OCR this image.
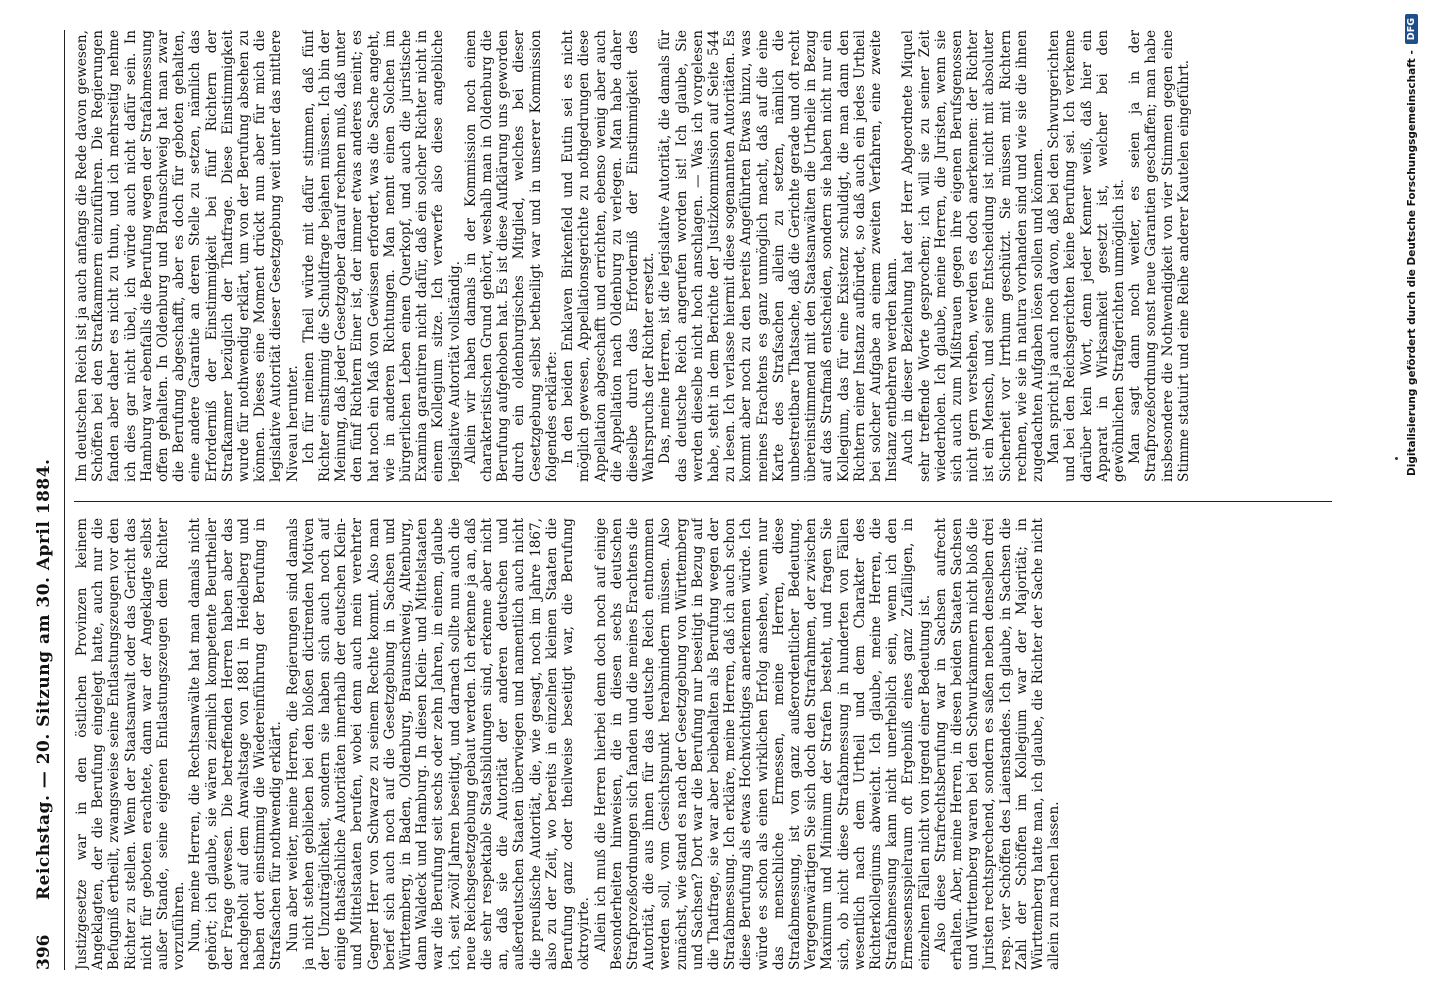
396
Reichstag. — 20. Sitzung am 30. April 1884. Justizgesetze war in den östlichen Provinzen keinem Angeklagten, der die Berufung eingelegt hatte, auch nur die Befugniß ertheilt, zwangsweise seine Entlastungszeugen vor den Richter zu stellen. Wenn der Staatsanwalt oder das Gericht das nicht für geboten erachtete, dann war der Angeklagte selbst außer Stande, seine eigenen Entlastungszeugen dem Richter vorzuführen. Nun, meine Herren, die Rechtsanwälte hat man damals nicht gehört; ich glaube, sie wären ziemlich kompetente Beurtheiler der Frage gewesen. Die betreffenden Herren haben aber das nachgeholt auf dem Anwaltstage von 1881 in Heidelberg und haben dort einstimmig die Wiedereinführung der Berufung in Strafsachen für nothwendig erklärt. Nun aber weiter, meine Herren, die Regierungen sind damals ja nicht stehen geblieben bei den bloßen dictirenden Motiven der Unzuträglichkeit, sondern sie haben sich auch noch auf einige thatsächliche Autoritäten innerhalb der deutschen Klein- und Mittelstaaten berufen, wobei denn auch mein verehrter Gegner Herr von Schwarze zu seinem Rechte kommt. Also man berief sich auch noch auf die Gesetzgebung in Sachsen und Württemberg, in Baden, Oldenburg, Braunschweig, Altenburg, dann Waldeck und Hamburg. In diesen Klein- und Mittelstaaten war die Berufung seit sechs oder zehn Jahren, in einem, glaube ich, seit zwölf Jahren beseitigt, und darnach sollte nun auch die neue Reichsgesetzgebung gebaut werden. Ich erkenne ja an, daß die sehr respektable Staatsbildungen sind, erkenne aber nicht an, daß sie die Autorität der anderen deutschen und außerdeutschen Staaten überwiegen und namentlich auch nicht die preußische Autorität, die, wie gesagt, noch im Jahre 1867, also zu der Zeit, wo bereits in einzelnen kleinen Staaten die Berufung ganz oder theilweise beseitigt war, die Berufung oktroyirte. Allein ich muß die Herren hierbei denn doch noch auf einige Besonderheiten hinweisen, die in diesen sechs deutschen Strafprozeßordnungen sich fanden und die meines Erachtens die Autorität, die aus ihnen für das deutsche Reich entnommen werden soll, vom Gesichtspunkt herabmindern müssen. Also zunächst, wie stand es nach der Gesetzgebung von Württemberg und Sachsen? Dort war die Berufung nur beseitigt in Bezug auf die Thatfrage, sie war aber beibehalten als Berufung wegen der Strafabmessung. Ich erkläre, meine Herren, daß ich auch schon diese Berufung als etwas Hochwichtiges anerkennen würde. Ich würde es schon als einen wirklichen Erfolg ansehen, wenn nur das menschliche Ermessen, meine Herren, diese Strafabmessung, ist von ganz außerordentlicher Bedeutung. Vergegenwärtigen Sie sich doch den Strafrahmen, der zwischen Maximum und Minimum der Strafen besteht, und fragen Sie sich, ob nicht diese Strafabmessung in hunderten von Fällen wesentlich nach dem Urtheil und dem Charakter des Richterkollegiums abweicht. Ich glaube, meine Herren, die Strafabmessung kann nicht unerheblich sein, wenn ich den Ermessensspielraum oft Ergebniß eines ganz Zufälligen, in einzelnen Fällen nicht von irgend einer Bedeutung ist. Also diese Strafrechtsberufung war in Sachsen aufrecht erhalten. Aber, meine Herren, in diesen beiden Staaten Sachsen und Württemberg waren bei den Schwurkammern nicht bloß die Juristen rechtsprechend, sondern es saßen neben denselben drei resp. vier Schöffen des Laienstandes. Ich glaube, in Sachsen die Zahl der Schöffen im Kollegium war der Majorität; in Württemberg hatte man, ich glaube, die Richter der Sache nicht allein zu machen lassen.

Im deutschen Reich ist ja auch anfangs die Rede davon gewesen, Schöffen bei den Strafkammern einzuführen. Die Regierungen fanden aber daher es nicht zu thun, und ich mehrseitig nehme ich dies gar nicht übel, ich würde auch nicht dafür sein. In Hamburg war ebenfalls die Berufung wegen der Strafabmessung offen gehalten. In Oldenburg und Braunschweig hat man zwar die Berufung abgeschafft, aber es doch für geboten gehalten, eine andere Garantie an deren Stelle zu setzen, nämlich das Erforderniß der Einstimmigkeit bei fünf Richtern der Strafkammer bezüglich der Thatfrage. Diese Einstimmigkeit wurde für nothwendig erklärt, um von der Berufung absehen zu können. Dieses eine Moment drückt nun aber für mich die legislative Autorität dieser Gesetzgebung weit unter das mittlere Niveau herunter. Ich für meinen Theil würde mit dafür stimmen, daß fünf Richter einstimmig die Schuldfrage bejahen müssen. Ich bin der Meinung, daß jeder Gesetzgeber darauf rechnen muß, daß unter den fünf Richtern Einer ist, der immer etwas anderes meint; es hat noch ein Maß von Gewissen erfordert, was die Sache angeht, wie in anderen Richtungen. Man nennt einen Solchen im bürgerlichen Leben einen Querkopf, und auch die juristische Examina garantiren nicht dafür, daß ein solcher Richter nicht in einem Kollegium sitze. Ich verwerfe also diese angebliche legislative Autorität vollständig. Allein wir haben damals in der Kommission noch einen charakteristischen Grund gehört, weshalb man in Oldenburg die Berufung aufgehoben hat. Es ist diese Aufklärung uns geworden durch ein oldenburgisches Mitglied, welches bei dieser Gesetzgebung selbst betheiligt war und in unserer Kommission folgendes erklärte: In den beiden Enklaven Birkenfeld und Eutin sei es nicht möglich gewesen, Appellationsgerichte zu nothgedrungen diese Appellation abgeschafft und errichten, ebenso wenig aber auch die Appellation nach Oldenburg zu verlegen. Man habe daher dieselbe durch das Erforderniß der Einstimmigkeit des Wahrspruchs der Richter ersetzt. Das, meine Herren, ist die legislative Autorität, die damals für das deutsche Reich angerufen worden ist! Ich glaube, Sie werden dieselbe nicht hoch anschlagen. — Was ich vorgelesen habe, steht in dem Berichte der Justizkommission auf Seite 544 zu lesen. Ich verlasse hiermit diese sogenannten Autoritäten. Es kommt aber noch zu den bereits Angeführten Etwas hinzu, was meines Erachtens es ganz unmöglich macht, daß auf die eine Karte des Strafsachen allein zu setzen, nämlich die unbestreitbare Thatsache, daß die Gerichte gerade und oft recht übereinstimmend mit den Staatsanwälten die Urtheile in Bezug auf das Strafmaß entscheiden, sondern sie haben nicht nur ein Kollegium, das für eine Existenz schuldigt, die man dann den Richtern einer Instanz aufbürdet, so daß auch ein jedes Urtheil bei solcher Aufgabe an einem zweiten Verfahren, eine zweite Instanz entbehren werden kann. Auch in dieser Beziehung hat der Herr Abgeordnete Miquel sehr treffende Worte gesprochen; ich will sie zu seiner Zeit wiederholen. Ich glaube, meine Herren, die Juristen, wenn sie sich auch zum Mißtrauen gegen ihre eigenen Berufsgenossen nicht gern verstehen, werden es doch anerkennen: der Richter ist ein Mensch, und seine Entscheidung ist nicht mit absoluter Sicherheit vor Irrthum geschützt. Sie müssen mit Richtern rechnen, wie sie in natura vorhanden sind und wie sie die ihnen zugedachten Aufgaben lösen sollen und können. Man spricht ja auch noch davon, daß bei den Schwurgerichten und bei den Reichsgerichten keine Berufung sei. Ich verkenne darüber kein Wort, denn jeder Kenner weiß, daß hier ein Apparat in Wirksamkeit gesetzt ist, welcher bei den gewöhnlichen Strafgerichten unmöglich ist. Man sagt dann noch weiter, es seien ja in der Strafprozeßordnung sonst neue Garantien geschaffen; man habe insbesondere die Nothwendigkeit von vier Stimmen gegen eine Stimme statuirt und eine Reihe anderer Kautelen eingeführt.	Digitalisierung gefördert durch die Deutsche Forschungsgemeinschaft -
DFG
